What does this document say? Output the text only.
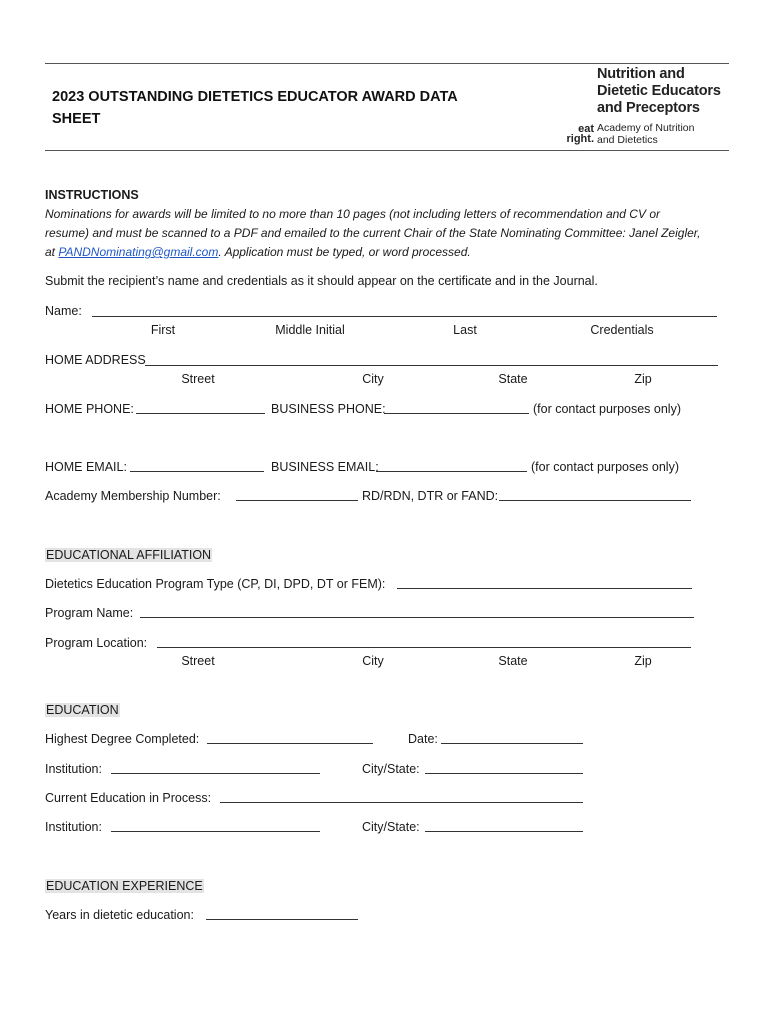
2023 OUTSTANDING DIETETICS EDUCATOR AWARD DATA SHEET
Nutrition and
Dietetic Educators
and Preceptors
eat
right.
Academy of Nutrition
and Dietetics
INSTRUCTIONS
Nominations for awards will be limited to no more than 10 pages (not including letters of recommendation and CV or resume) and must be scanned to a PDF and emailed to the current Chair of the State Nominating Committee: Janel Zeigler, at PANDNominating@gmail.com. Application must be typed, or word processed.
Submit the recipient’s name and credentials as it should appear on the certificate and in the Journal.
Name:
First	Middle Initial	Last	Credentials
HOME ADDRESS
Street	City	State	Zip
HOME PHONE:	BUSINESS PHONE:	(for contact purposes only)
HOME EMAIL:	BUSINESS EMAIL:	(for contact purposes only)
Academy Membership Number:	RD/RDN, DTR or FAND:
EDUCATIONAL AFFILIATION
Dietetics Education Program Type (CP, DI, DPD, DT or FEM):
Program Name:
Program Location:
Street	City	State	Zip
EDUCATION
Highest Degree Completed:	Date:
Institution:	City/State:
Current Education in Process:
Institution:	City/State:
EDUCATION EXPERIENCE
Years in dietetic education:
